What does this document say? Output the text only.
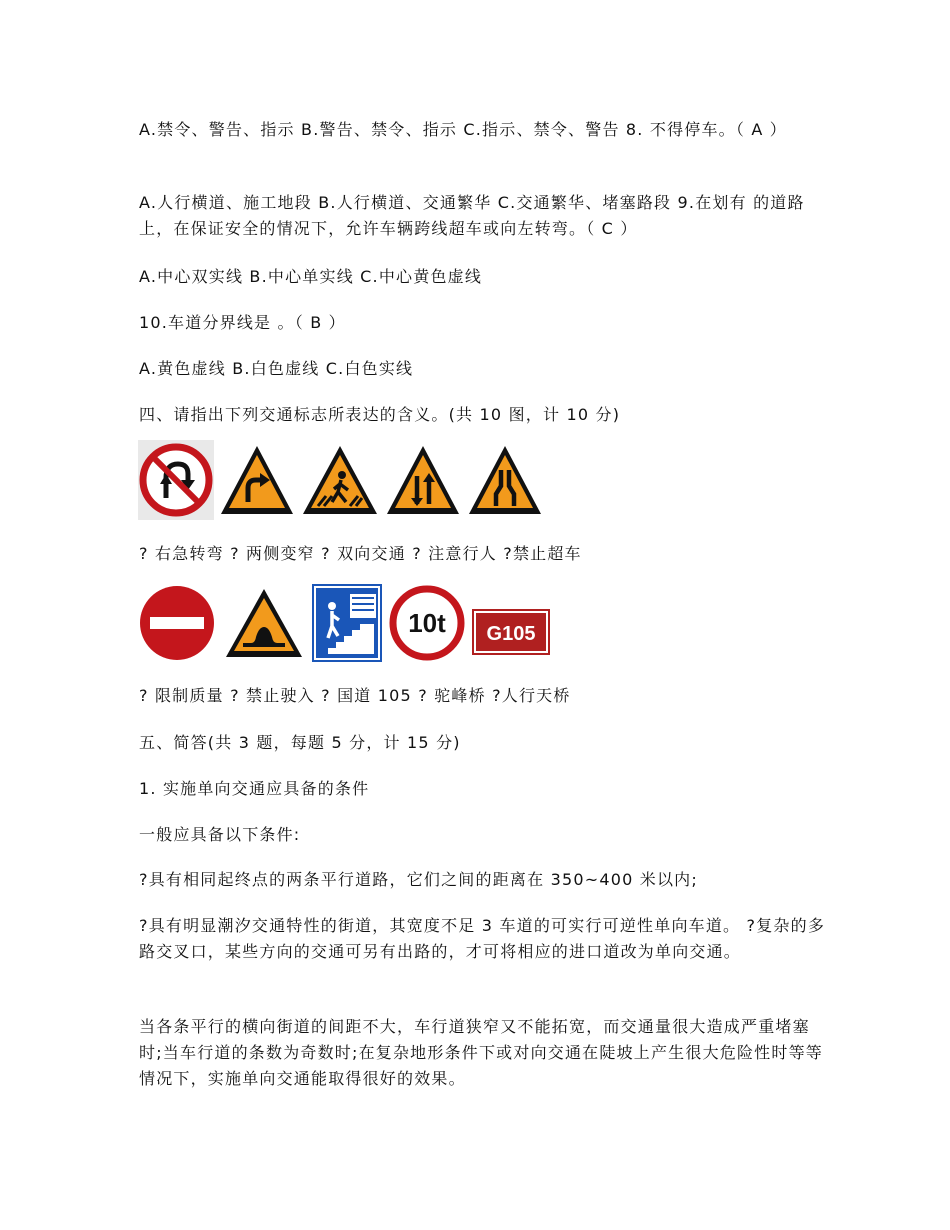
A.禁令、警告、指示 B.警告、禁令、指示 C.指示、禁令、警告 8. 不得停车。（ A ）

A.人行横道、施工地段 B.人行横道、交通繁华 C.交通繁华、堵塞路段 9.在划有 的道路上，在保证安全的情况下，允许车辆跨线超车或向左转弯。（ C ）

A.中心双实线 B.中心单实线 C.中心黄色虚线

10.车道分界线是 。（ B ）

A.黄色虚线 B.白色虚线 C.白色实线

四、请指出下列交通标志所表达的含义。(共 10 图，计 10 分)

? 右急转弯 ? 两侧变窄 ? 双向交通 ? 注意行人 ?禁止超车

10t G105

? 限制质量 ? 禁止驶入 ? 国道 105 ? 驼峰桥 ?人行天桥

五、简答(共 3 题，每题 5 分，计 15 分)

1. 实施单向交通应具备的条件

一般应具备以下条件:

?具有相同起终点的两条平行道路，它们之间的距离在 350~400 米以内;

?具有明显潮汐交通特性的街道，其宽度不足 3 车道的可实行可逆性单向车道。 ?复杂的多路交叉口，某些方向的交通可另有出路的，才可将相应的进口道改为单向交通。

当各条平行的横向街道的间距不大，车行道狭窄又不能拓宽，而交通量很大造成严重堵塞时;当车行道的条数为奇数时;在复杂地形条件下或对向交通在陡坡上产生很大危险性时等等情况下，实施单向交通能取得很好的效果。
